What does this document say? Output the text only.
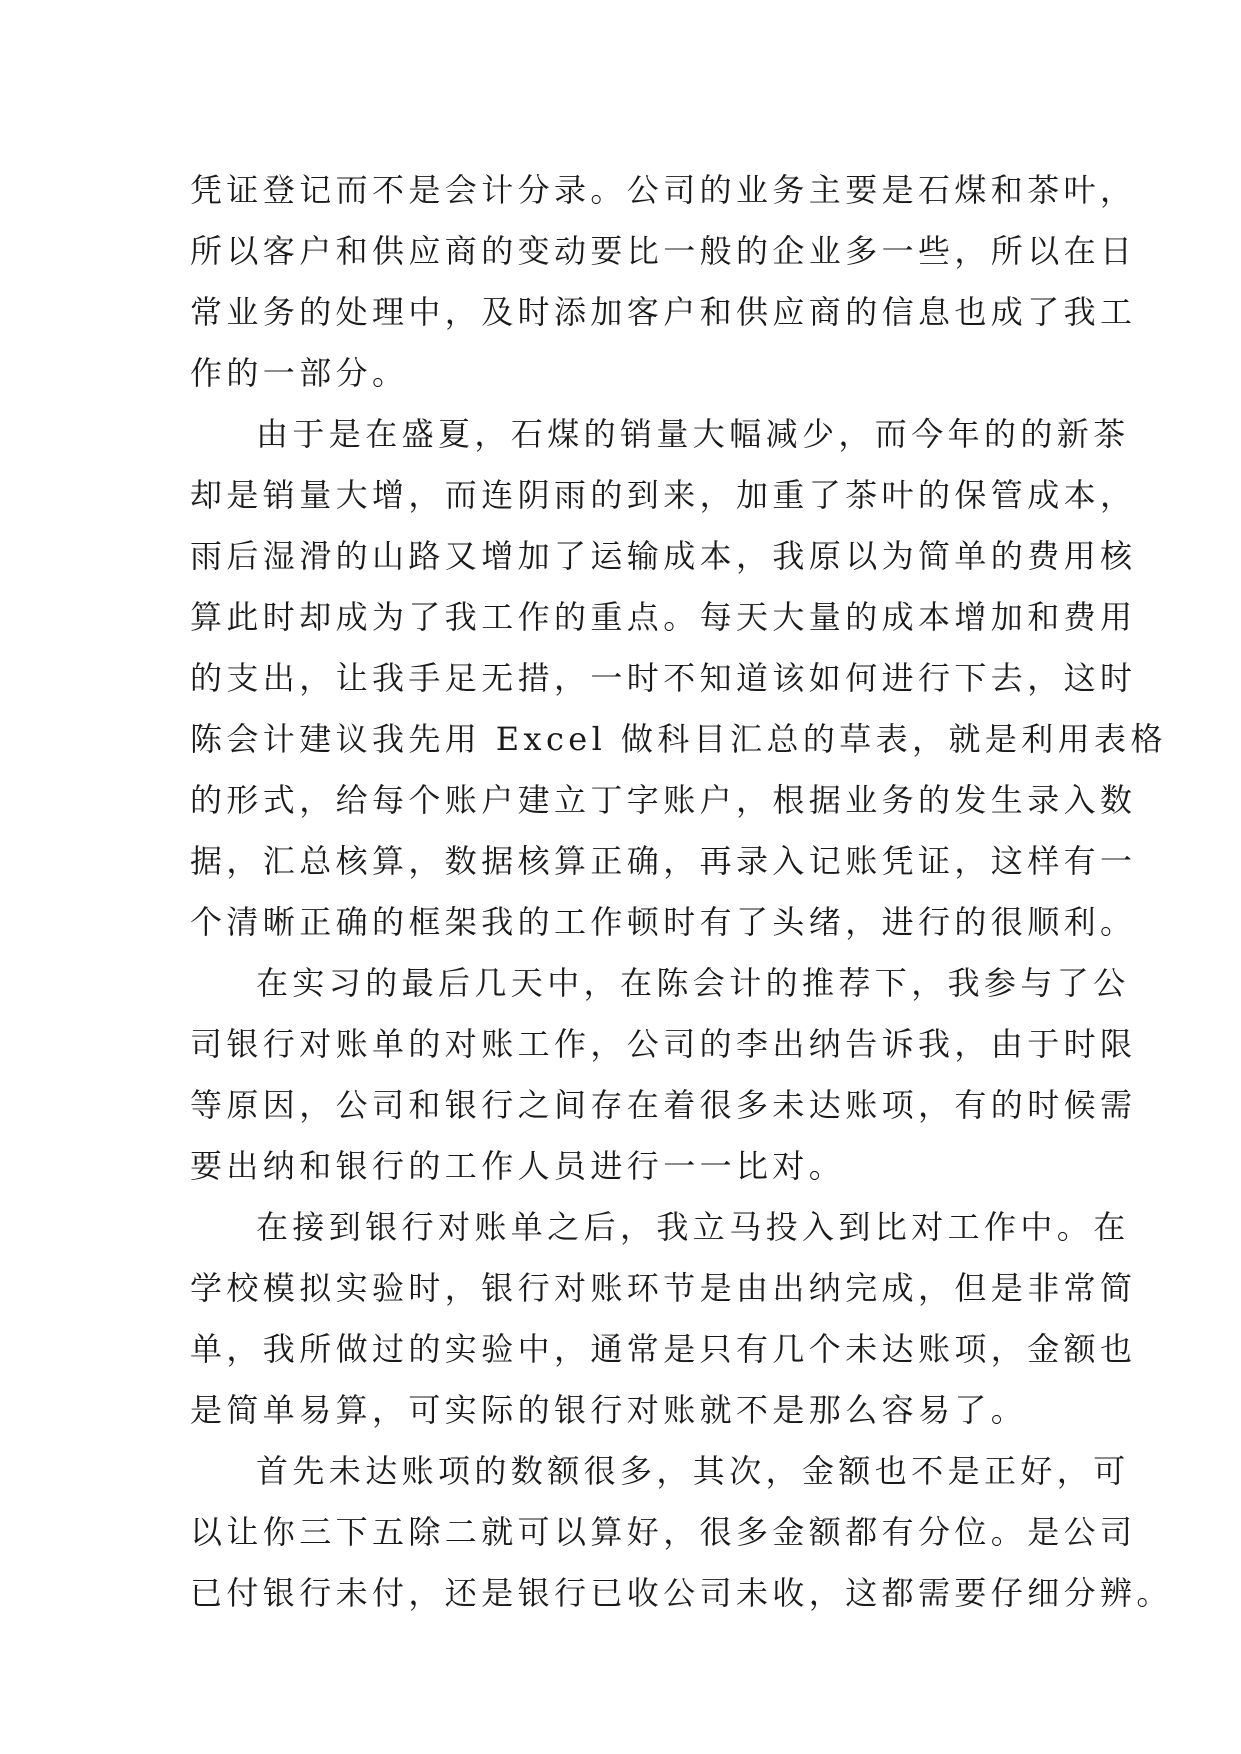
凭证登记而不是会计分录。公司的业务主要是石煤和茶叶，
所以客户和供应商的变动要比一般的企业多一些，所以在日
常业务的处理中，及时添加客户和供应商的信息也成了我工
作的一部分。
由于是在盛夏，石煤的销量大幅减少，而今年的的新茶
却是销量大增，而连阴雨的到来，加重了茶叶的保管成本，
雨后湿滑的山路又增加了运输成本，我原以为简单的费用核
算此时却成为了我工作的重点。每天大量的成本增加和费用
的支出，让我手足无措，一时不知道该如何进行下去，这时
陈会计建议我先用 Excel 做科目汇总的草表，就是利用表格
的形式，给每个账户建立丁字账户，根据业务的发生录入数
据，汇总核算，数据核算正确，再录入记账凭证，这样有一
个清晰正确的框架我的工作顿时有了头绪，进行的很顺利。
在实习的最后几天中，在陈会计的推荐下，我参与了公
司银行对账单的对账工作，公司的李出纳告诉我，由于时限
等原因，公司和银行之间存在着很多未达账项，有的时候需
要出纳和银行的工作人员进行一一比对。
在接到银行对账单之后，我立马投入到比对工作中。在
学校模拟实验时，银行对账环节是由出纳完成，但是非常简
单，我所做过的实验中，通常是只有几个未达账项，金额也
是简单易算，可实际的银行对账就不是那么容易了。
首先未达账项的数额很多，其次，金额也不是正好，可
以让你三下五除二就可以算好，很多金额都有分位。是公司
已付银行未付，还是银行已收公司未收，这都需要仔细分辨。
